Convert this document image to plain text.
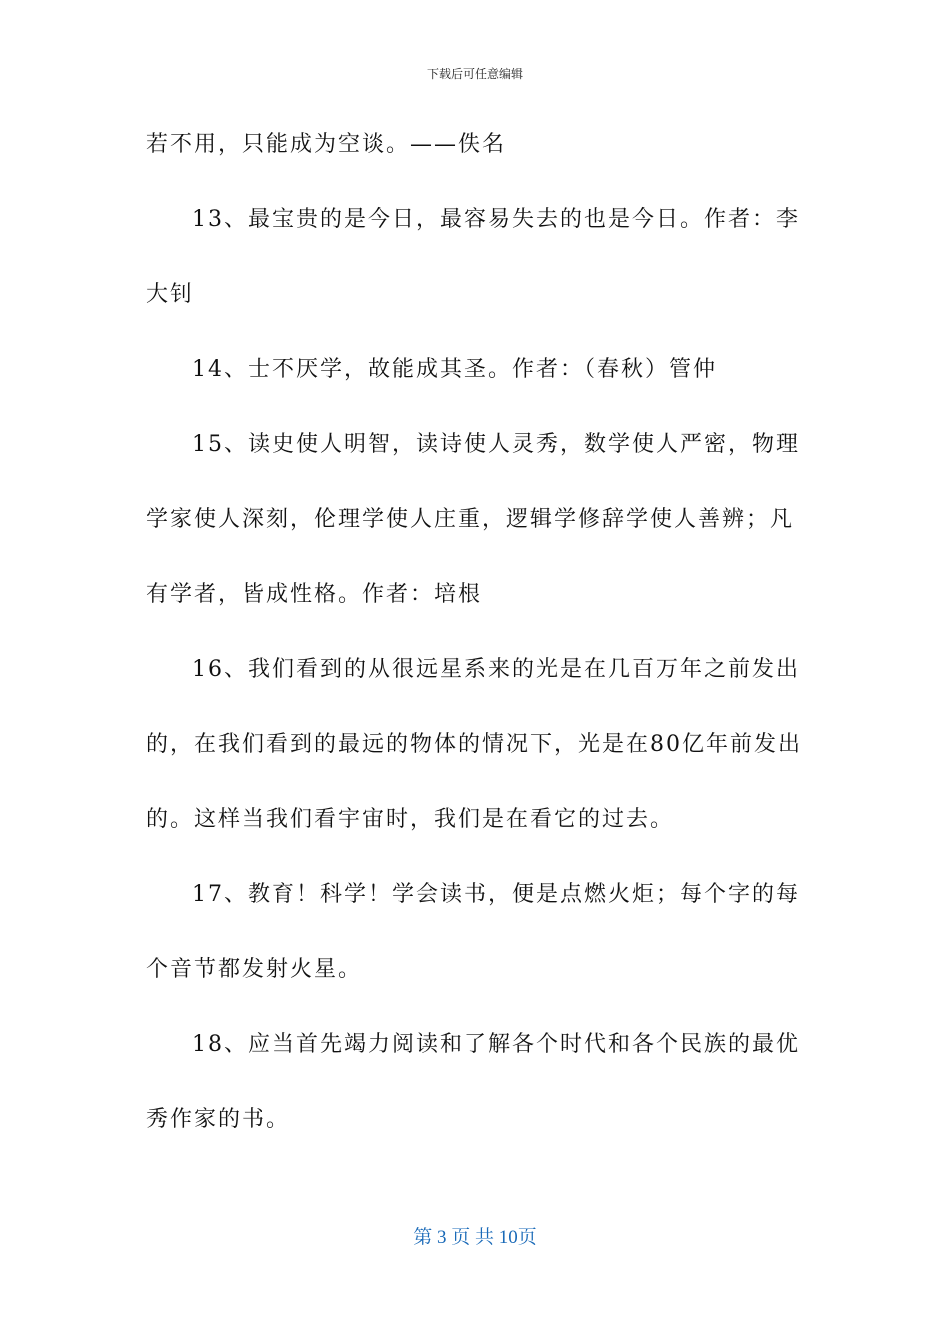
下载后可任意编辑
若不用，只能成为空谈。——佚名
13、最宝贵的是今日，最容易失去的也是今日。作者：李
大钊
14、士不厌学，故能成其圣。作者：（春秋）管仲
15、读史使人明智，读诗使人灵秀，数学使人严密，物理
学家使人深刻，伦理学使人庄重，逻辑学修辞学使人善辨；凡
有学者，皆成性格。作者：培根
16、我们看到的从很远星系来的光是在几百万年之前发出
的，在我们看到的最远的物体的情况下，光是在80亿年前发出
的。这样当我们看宇宙时，我们是在看它的过去。
17、教育！科学！学会读书，便是点燃火炬；每个字的每
个音节都发射火星。
18、应当首先竭力阅读和了解各个时代和各个民族的最优
秀作家的书。
第 3 页 共 10页
